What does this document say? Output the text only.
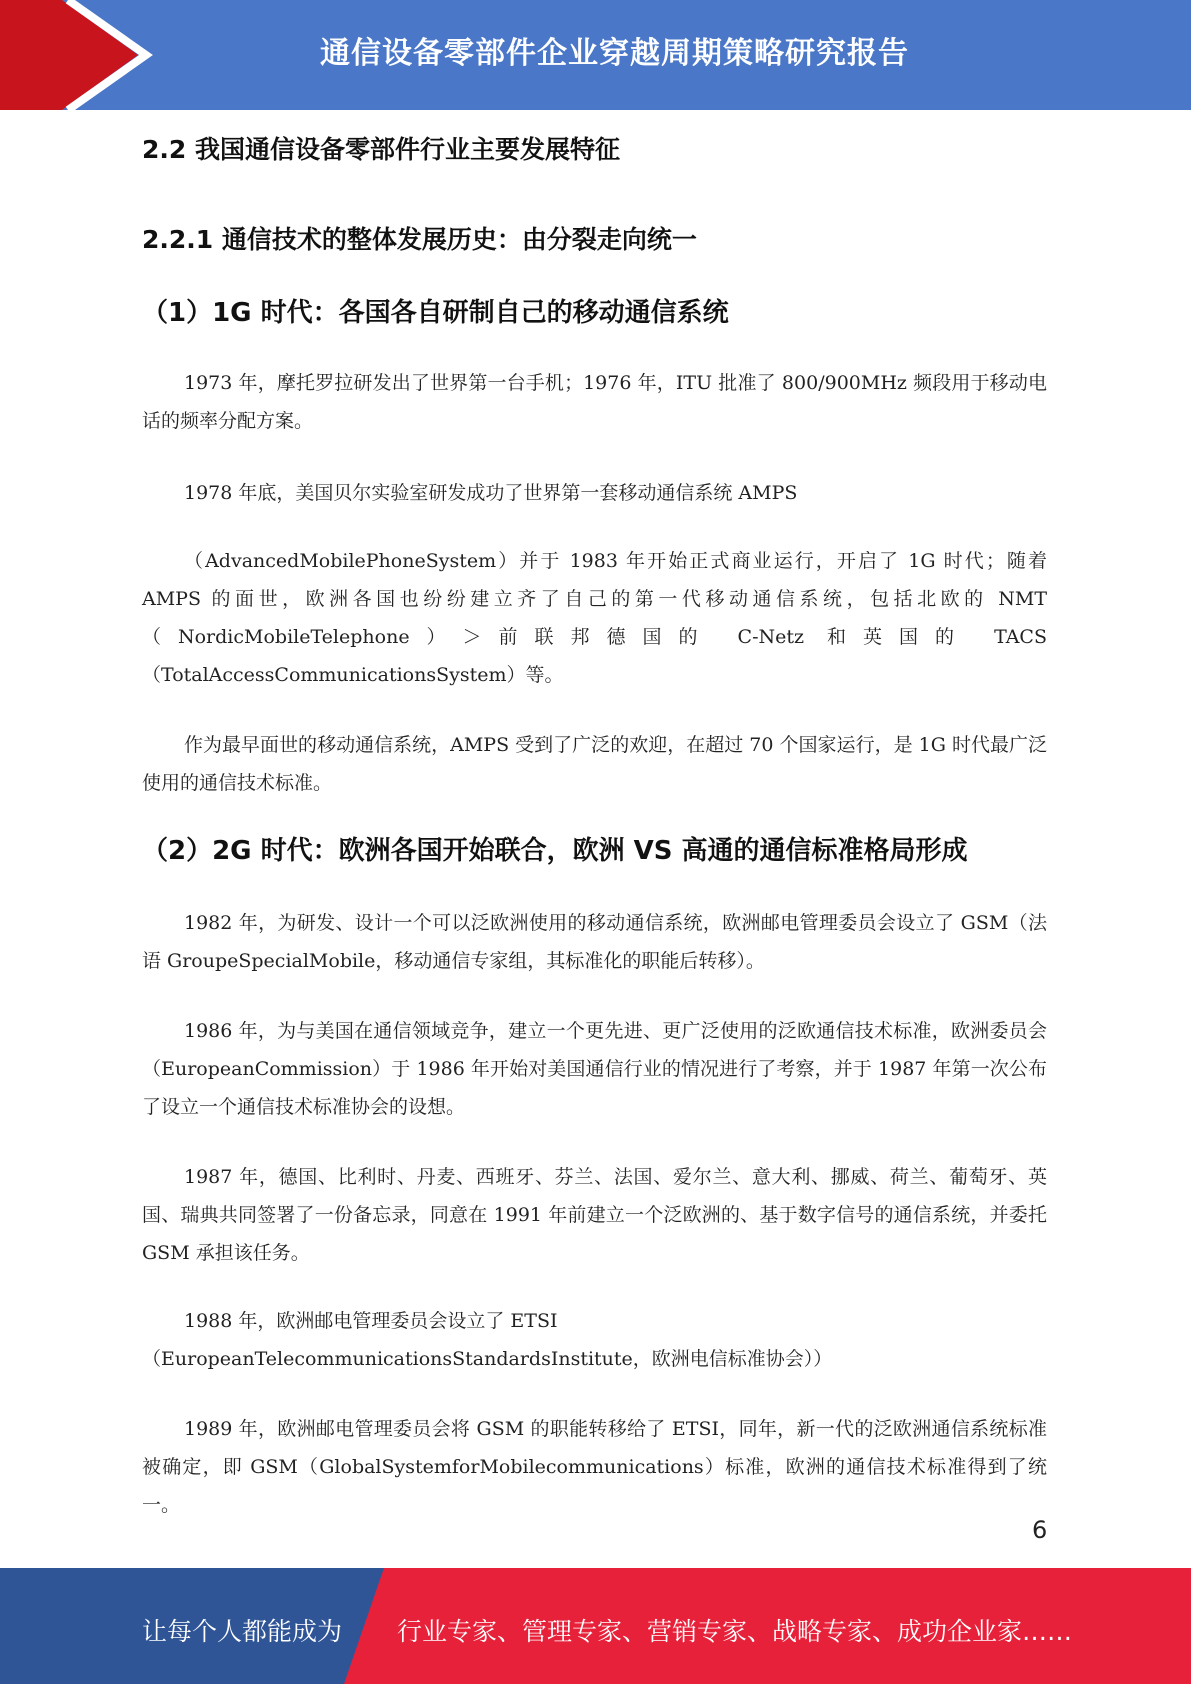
通信设备零部件企业穿越周期策略研究报告
2.2 我国通信设备零部件行业主要发展特征
2.2.1 通信技术的整体发展历史：由分裂走向统一
（1）1G 时代：各国各自研制自己的移动通信系统
1973 年，摩托罗拉研发出了世界第一台手机；1976 年，ITU 批准了 800/900MHz 频段用于移动电话的频率分配方案。
1978 年底，美国贝尔实验室研发成功了世界第一套移动通信系统 AMPS
（AdvancedMobilePhoneSystem）并于 1983 年开始正式商业运行，开启了 1G 时代；随着 AMPS 的面世，欧洲各国也纷纷建立齐了自己的第一代移动通信系统，包括北欧的 NMT（NordicMobileTelephone）＞前联邦德国的 C-Netz 和英国的 TACS（TotalAccessCommunicationsSystem）等。
作为最早面世的移动通信系统，AMPS 受到了广泛的欢迎，在超过 70 个国家运行，是 1G 时代最广泛使用的通信技术标准。
（2）2G 时代：欧洲各国开始联合，欧洲 VS 高通的通信标准格局形成
1982 年，为研发、设计一个可以泛欧洲使用的移动通信系统，欧洲邮电管理委员会设立了 GSM（法语 GroupeSpecialMobile，移动通信专家组，其标准化的职能后转移）。
1986 年，为与美国在通信领域竞争，建立一个更先进、更广泛使用的泛欧通信技术标准，欧洲委员会（EuropeanCommission）于 1986 年开始对美国通信行业的情况进行了考察，并于 1987 年第一次公布了设立一个通信技术标准协会的设想。
1987 年，德国、比利时、丹麦、西班牙、芬兰、法国、爱尔兰、意大利、挪威、荷兰、葡萄牙、英国、瑞典共同签署了一份备忘录，同意在 1991 年前建立一个泛欧洲的、基于数字信号的通信系统，并委托 GSM 承担该任务。
1988 年，欧洲邮电管理委员会设立了 ETSI
（EuropeanTelecommunicationsStandardsInstitute，欧洲电信标准协会））
1989 年，欧洲邮电管理委员会将 GSM 的职能转移给了 ETSI，同年，新一代的泛欧洲通信系统标准被确定，即 GSM（GlobalSystemforMobilecommunications）标准，欧洲的通信技术标准得到了统一。
6
让每个人都能成为 行业专家、管理专家、营销专家、战略专家、成功企业家……
